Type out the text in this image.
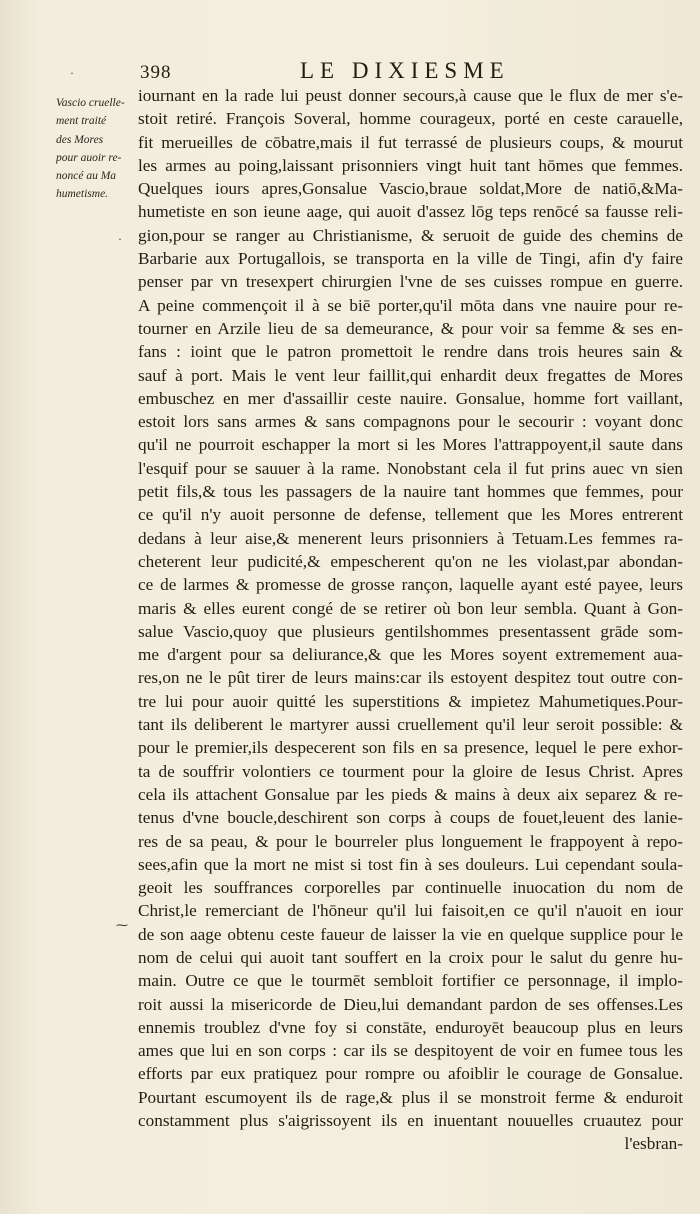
398	LE DIXIESME
Vascio cruelle-
ment traité
des Mores
pour auoir re-
noncé au Ma
humetisme.
·
·
⁓
iournant en la rade lui peust donner secours,à cause que le flux de mer s'e-
stoit retiré. François Soveral, homme courageux, porté en ceste carauelle,
fit merueilles de cōbatre,mais il fut terrassé de plusieurs coups, & mourut
les armes au poing,laissant prisonniers vingt huit tant hōmes que femmes.
Quelques iours apres,Gonsalue Vascio,braue soldat,More de natiō,&Ma-
humetiste en son ieune aage, qui auoit d'assez lōg teps renōcé sa fausse reli-
gion,pour se ranger au Christianisme, & seruoit de guide des chemins de
Barbarie aux Portugallois, se transporta en la ville de Tingi, afin d'y faire
penser par vn tresexpert chirurgien l'vne de ses cuisses rompue en guerre.
A peine commençoit il à se biē porter,qu'il mōta dans vne nauire pour re-
tourner en Arzile lieu de sa demeurance, & pour voir sa femme & ses en-
fans : ioint que le patron promettoit le rendre dans trois heures sain &
sauf à port. Mais le vent leur faillit,qui enhardit deux fregattes de Mores
embuschez en mer d'assaillir ceste nauire. Gonsalue, homme fort vaillant,
estoit lors sans armes & sans compagnons pour le secourir : voyant donc
qu'il ne pourroit eschapper la mort si les Mores l'attrappoyent,il saute dans
l'esquif pour se sauuer à la rame. Nonobstant cela il fut prins auec vn sien
petit fils,& tous les passagers de la nauire tant hommes que femmes, pour
ce qu'il n'y auoit personne de defense, tellement que les Mores entrerent
dedans à leur aise,& menerent leurs prisonniers à Tetuam.Les femmes ra-
cheterent leur pudicité,& empescherent qu'on ne les violast,par abondan-
ce de larmes & promesse de grosse rançon, laquelle ayant esté payee, leurs
maris & elles eurent congé de se retirer où bon leur sembla. Quant à Gon-
salue Vascio,quoy que plusieurs gentilshommes presentassent grāde som-
me d'argent pour sa deliurance,& que les Mores soyent extremement aua-
res,on ne le pût tirer de leurs mains:car ils estoyent despitez tout outre con-
tre lui pour auoir quitté les superstitions & impietez Mahumetiques.Pour-
tant ils deliberent le martyrer aussi cruellement qu'il leur seroit possible: &
pour le premier,ils despecerent son fils en sa presence, lequel le pere exhor-
ta de souffrir volontiers ce tourment pour la gloire de Iesus Christ. Apres
cela ils attachent Gonsalue par les pieds & mains à deux aix separez & re-
tenus d'vne boucle,deschirent son corps à coups de fouet,leuent des lanie-
res de sa peau, & pour le bourreler plus longuement le frappoyent à repo-
sees,afin que la mort ne mist si tost fin à ses douleurs. Lui cependant soula-
geoit les souffrances corporelles par continuelle inuocation du nom de
Christ,le remerciant de l'hōneur qu'il lui faisoit,en ce qu'il n'auoit en iour
de son aage obtenu ceste faueur de laisser la vie en quelque supplice pour le
nom de celui qui auoit tant souffert en la croix pour le salut du genre hu-
main. Outre ce que le tourmēt sembloit fortifier ce personnage, il implo-
roit aussi la misericorde de Dieu,lui demandant pardon de ses offenses.Les
ennemis troublez d'vne foy si constāte, enduroyēt beaucoup plus en leurs
ames que lui en son corps : car ils se despitoyent de voir en fumee tous les
efforts par eux pratiquez pour rompre ou afoiblir le courage de Gonsalue.
Pourtant escumoyent ils de rage,& plus il se monstroit ferme & enduroit
constamment plus s'aigrissoyent ils en inuentant nouuelles cruautez pour
l'esbran-
